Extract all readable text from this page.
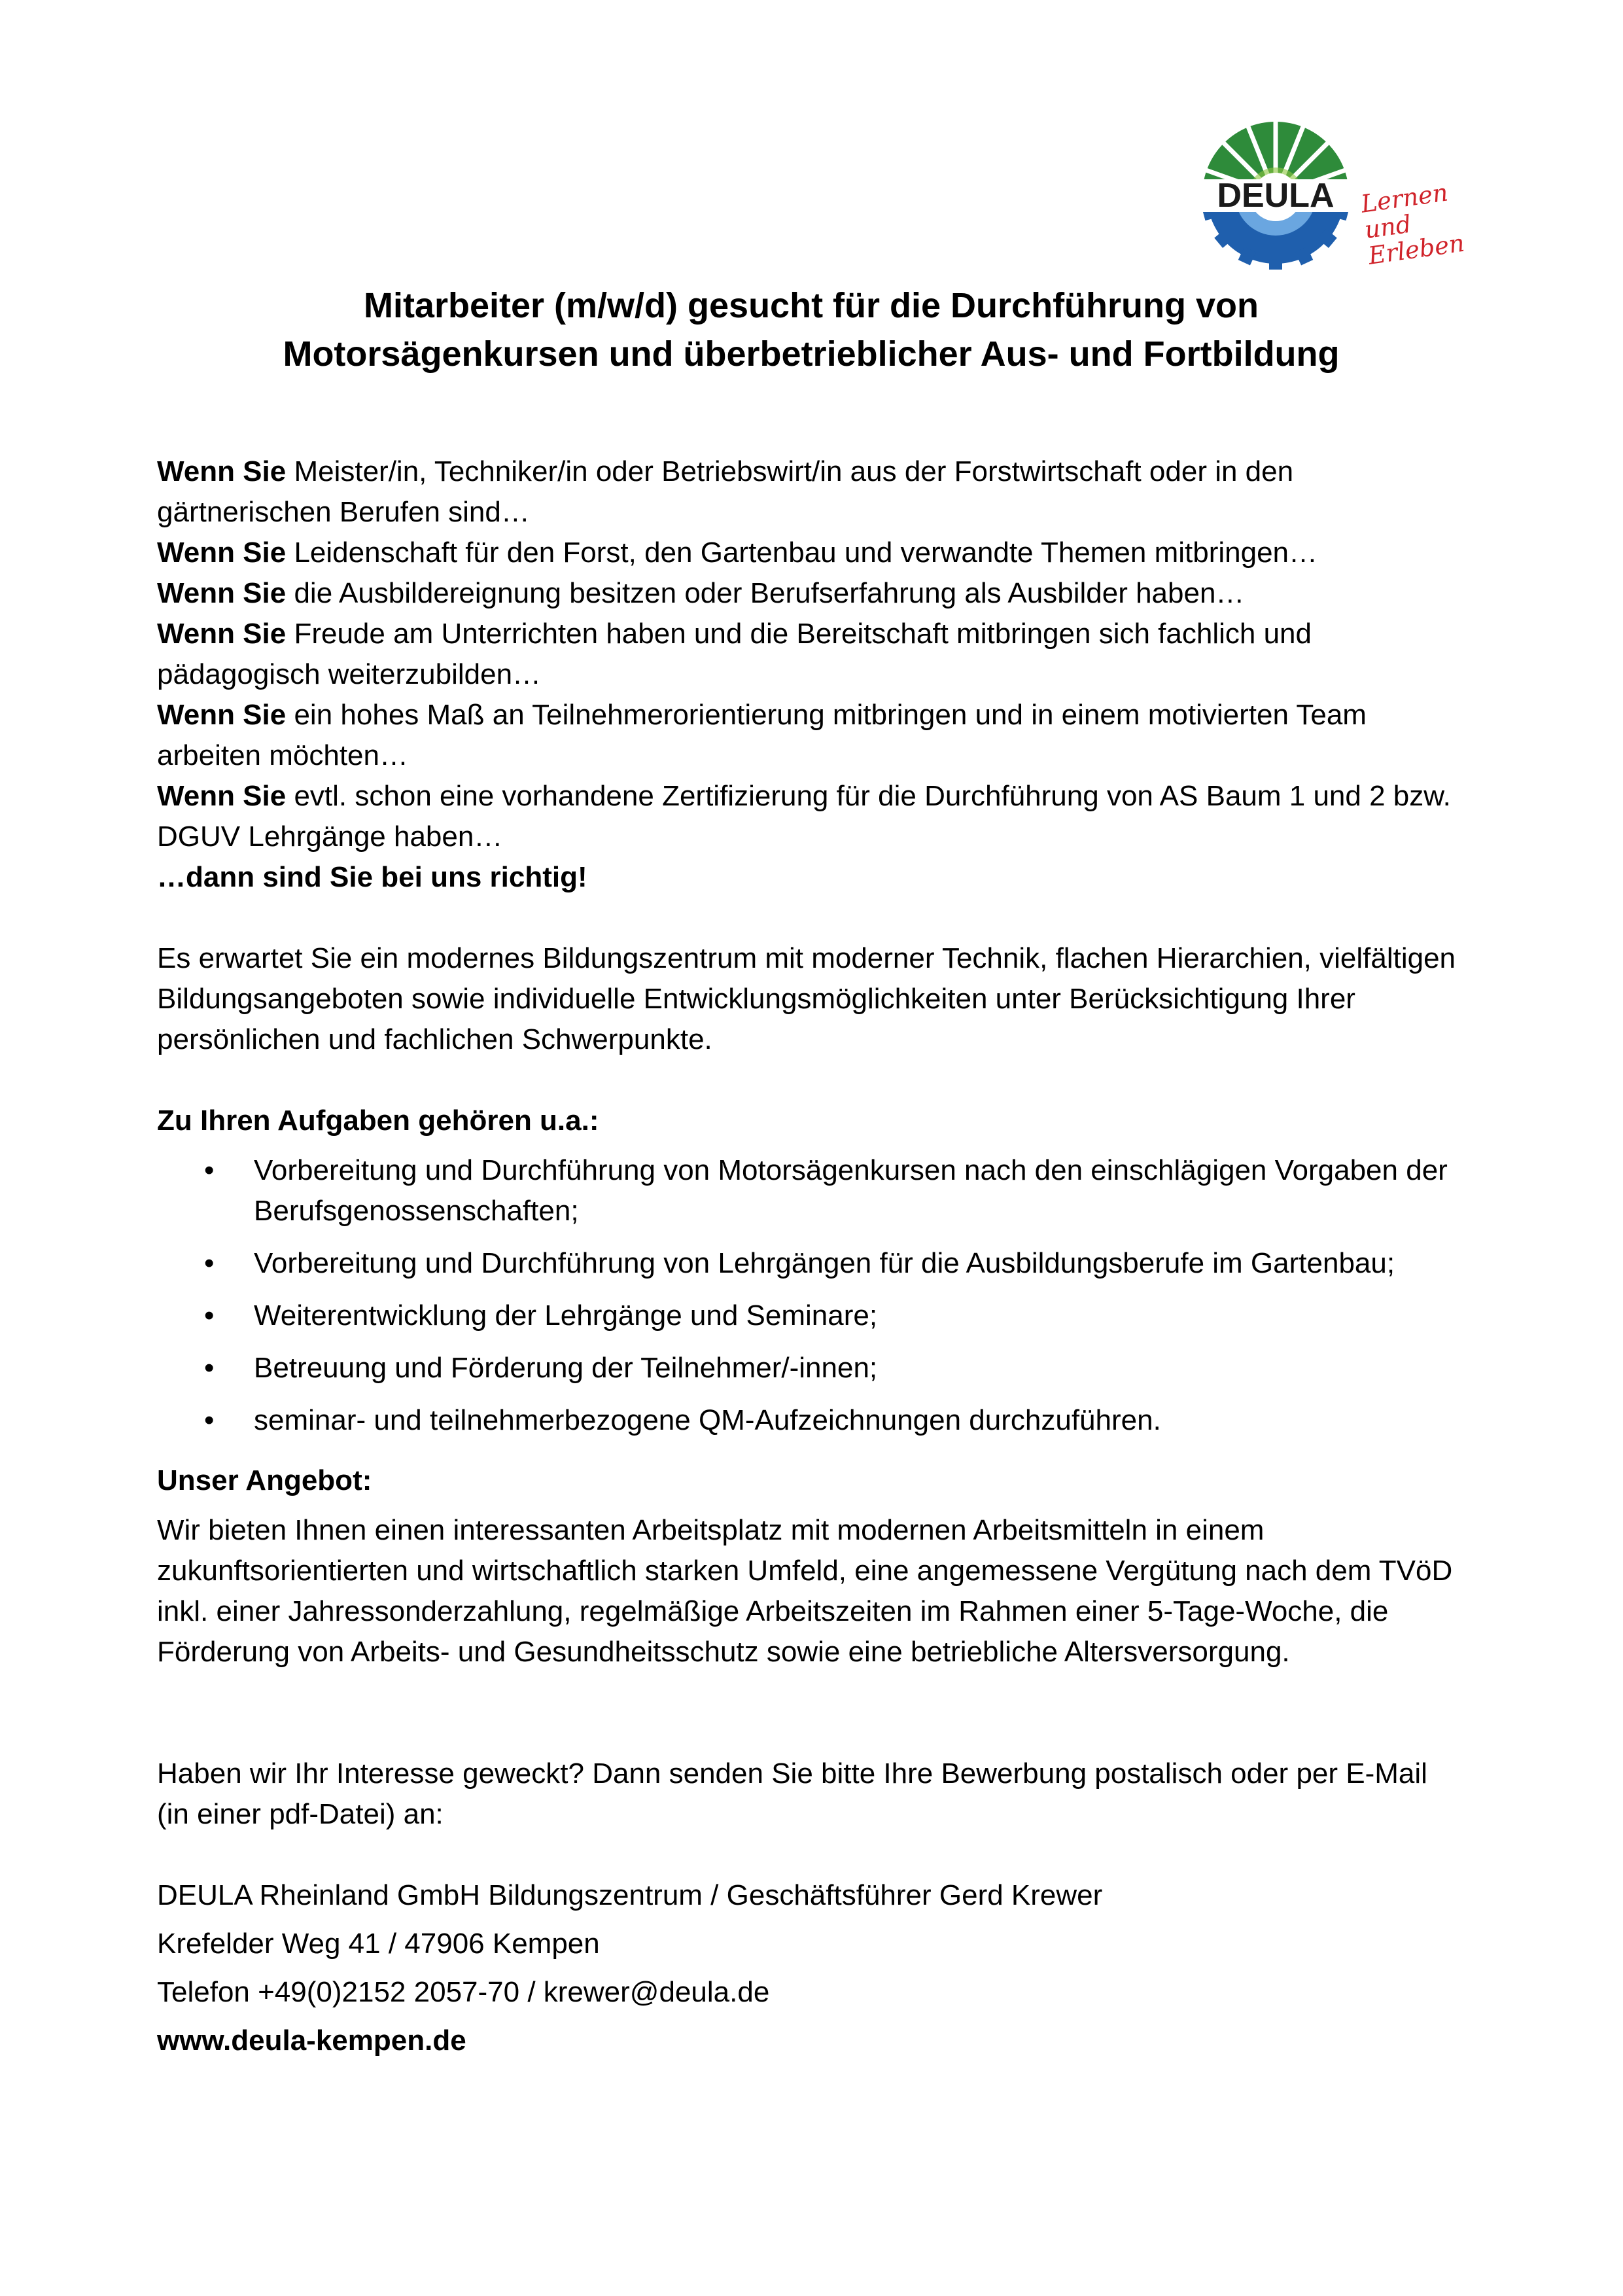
DEULA Lernen
und Erleben
Mitarbeiter (m/w/d) gesucht für die Durchführung von
Motorsägenkursen und überbetrieblicher Aus- und Fortbildung

Wenn Sie Meister/in, Techniker/in oder Betriebswirt/in aus der Forstwirtschaft oder in den gärtnerischen Berufen sind…

Wenn Sie Leidenschaft für den Forst, den Gartenbau und verwandte Themen mitbringen…

Wenn Sie die Ausbildereignung besitzen oder Berufserfahrung als Ausbilder haben…

Wenn Sie Freude am Unterrichten haben und die Bereitschaft mitbringen sich fachlich und pädagogisch weiterzubilden…

Wenn Sie ein hohes Maß an Teilnehmerorientierung mitbringen und in einem motivierten Team arbeiten möchten…

Wenn Sie evtl. schon eine vorhandene Zertifizierung für die Durchführung von AS Baum 1 und 2 bzw. DGUV Lehrgänge haben…

…dann sind Sie bei uns richtig!

Es erwartet Sie ein modernes Bildungszentrum mit moderner Technik, flachen Hierarchien, vielfältigen Bildungsangeboten sowie individuelle Entwicklungsmöglichkeiten unter Berücksichtigung Ihrer persönlichen und fachlichen Schwerpunkte.

Zu Ihren Aufgaben gehören u.a.:

• Vorbereitung und Durchführung von Motorsägenkursen nach den einschlägigen Vorgaben der Berufsgenossenschaften;
• Vorbereitung und Durchführung von Lehrgängen für die Ausbildungsberufe im Gartenbau;
• Weiterentwicklung der Lehrgänge und Seminare;
• Betreuung und Förderung der Teilnehmer/-innen;
• seminar- und teilnehmerbezogene QM-Aufzeichnungen durchzuführen.

Unser Angebot:

Wir bieten Ihnen einen interessanten Arbeitsplatz mit modernen Arbeitsmitteln in einem zukunftsorientierten und wirtschaftlich starken Umfeld, eine angemessene Vergütung nach dem TVöD inkl. einer Jahressonderzahlung, regelmäßige Arbeitszeiten im Rahmen einer 5-Tage-Woche, die Förderung von Arbeits- und Gesundheitsschutz sowie eine betriebliche Altersversorgung.

Haben wir Ihr Interesse geweckt? Dann senden Sie bitte Ihre Bewerbung postalisch oder per E-Mail (in einer pdf-Datei) an:

DEULA Rheinland GmbH Bildungszentrum / Geschäftsführer Gerd Krewer

Krefelder Weg 41 / 47906 Kempen

Telefon +49(0)2152 2057-70 / krewer@deula.de

www.deula-kempen.de
